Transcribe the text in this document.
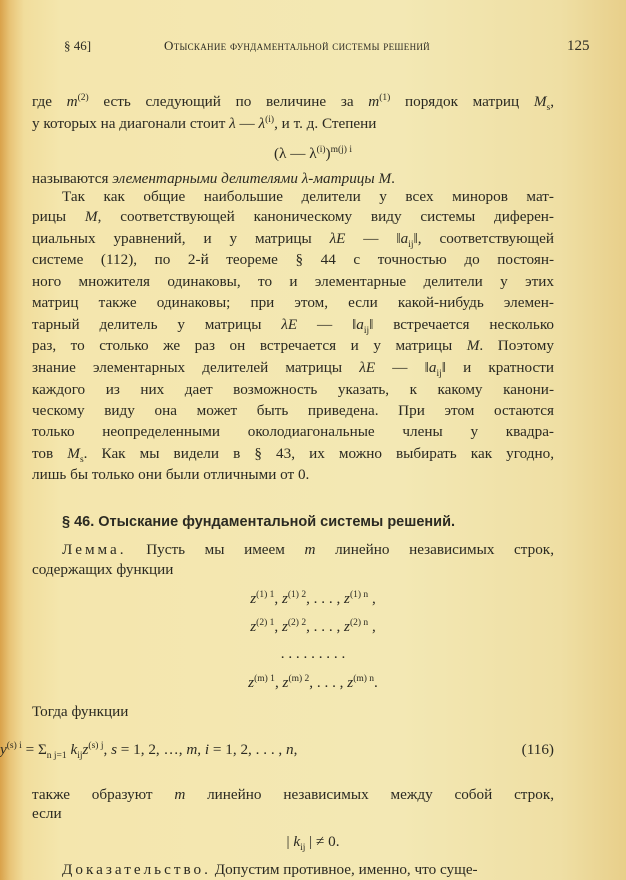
§ 46]	Отыскание фундаментальной системы решений	125
где $m^{(2)}$ есть следующий по величине за $m^{(1)}$ порядок матриц $M_s$,
у которых на диагонали стоит λ — $\lambda^{(i)}$, и т. д. Степени
(λ — $\lambda^{(i)})^{m(j) i}$
называются элементарными делителями λ-матрицы M.
Так как общие наибольшие делители у всех миноров мат-
рицы M, соответствующей каноническому виду системы диферен-
циальных уравнений, и у матрицы λE — $‖a_{ij}‖$, соответствующей
системе (112), по 2-й теореме § 44 с точностью до постоян-
ного множителя одинаковы, то и элементарные делители у этих
матриц также одинаковы; при этом, если какой-нибудь элемен-
тарный делитель у матрицы λE — $‖a_{ij}‖$ встречается несколько
раз, то столько же раз он встречается и у матрицы M. Поэтому
знание элементарных делителей матрицы λE — $‖a_{ij}‖$ и кратности
каждого из них дает возможность указать, к какому канони-
ческому виду она может быть приведена. При этом остаются
только неопределенными околодиагональные члены у квадра-
тов $M_s$. Как мы видели в § 43, их можно выбирать как угодно,
лишь бы только они были отличными от 0.
§ 46. Отыскание фундаментальной системы решений.
Лемма. Пусть мы имеем m линейно независимых строк,
содержащих функции
$z^{(1) 1}$, $z^{(1) 2}$, . . . , $z^{(1) n}$ ,
$z^{(2) 1}$, $z^{(2) 2}$, . . . , $z^{(2) n}$ ,
. . . . . . . . .
$z^{(m) 1}$, $z^{(m) 2}$, . . . , $z^{(m) n}$.
Тогда функции
$y^{(s) i} = \Sigma_{n j=1}$ $k_{ij}z^{(s) j}$, s = 1, 2, …, m, i = 1, 2, . . . , n,	(116)
также образуют m линейно независимых между собой строк,
если
| $k_{ij}$ | ≠ 0.
Доказательство. Допустим противное, именно, что суще-
